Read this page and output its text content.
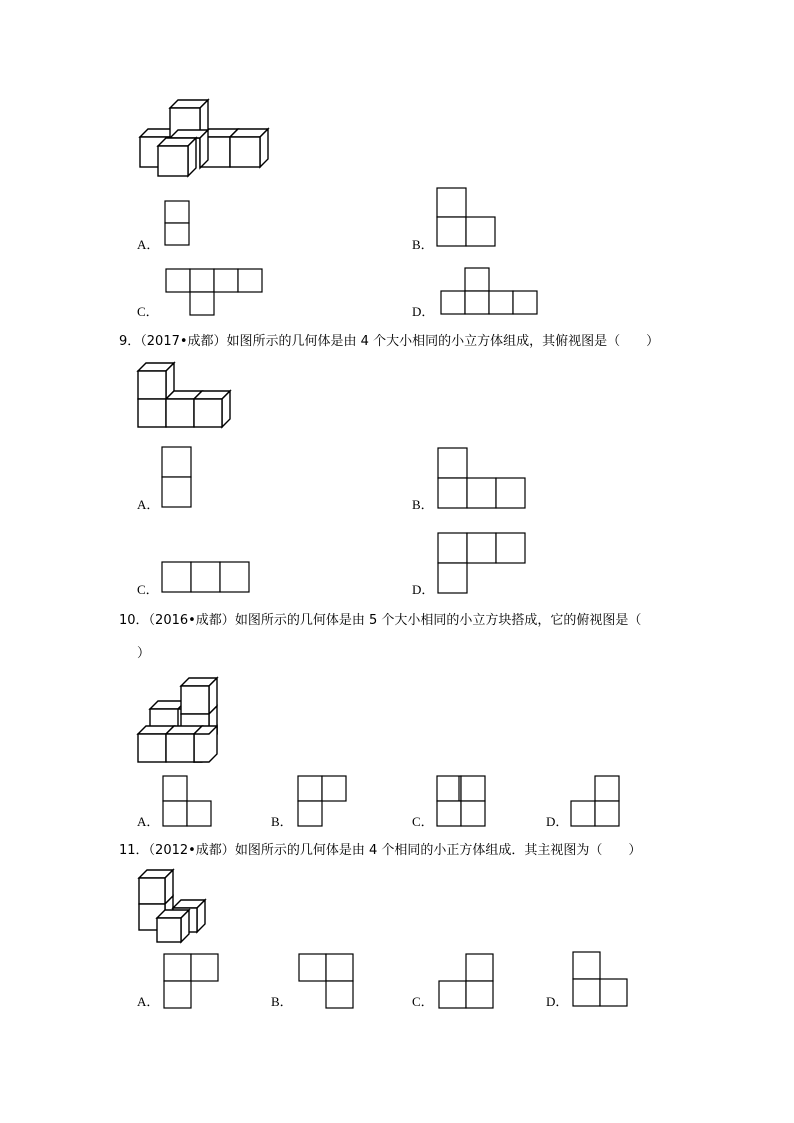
A．	B．
C．	D．
9．（2017•成都）如图所示的几何体是由 4 个大小相同的小立方体组成，其俯视图是（　　）
A．	B．
C．	D．
10．（2016•成都）如图所示的几何体是由 5 个大小相同的小立方块搭成，它的俯视图是（
）
A．	B．	C．	D．
11．（2012•成都）如图所示的几何体是由 4 个相同的小正方体组成．其主视图为（　　）
A．	B．	C．	D．
